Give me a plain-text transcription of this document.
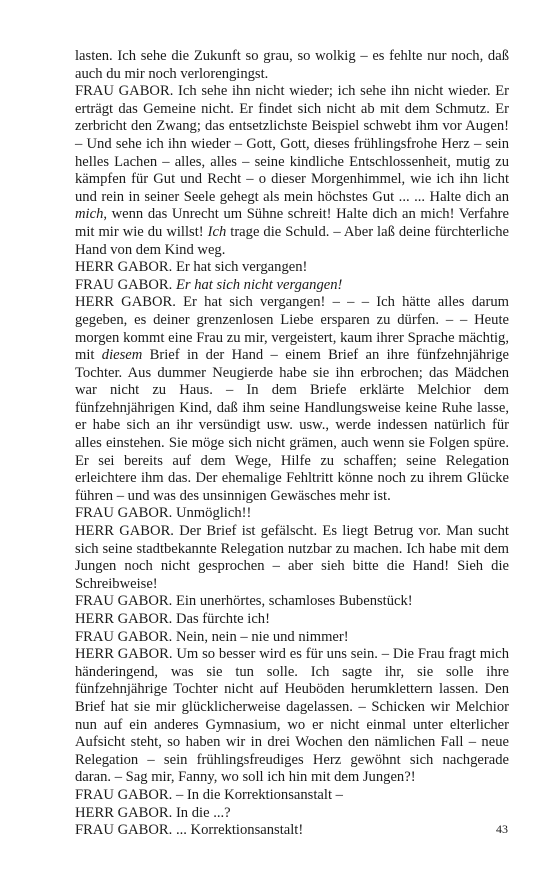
lasten. Ich sehe die Zukunft so grau, so wolkig – es fehlte nur noch, daß auch du mir noch verlorengingst.

FRAU GABOR. Ich sehe ihn nicht wieder; ich sehe ihn nicht wieder. Er erträgt das Gemeine nicht. Er findet sich nicht ab mit dem Schmutz. Er zerbricht den Zwang; das entsetzlichste Beispiel schwebt ihm vor Augen! – Und sehe ich ihn wieder – Gott, Gott, dieses frühlingsfrohe Herz – sein helles Lachen – alles, alles – seine kindliche Entschlossenheit, mutig zu kämpfen für Gut und Recht – o dieser Morgenhimmel, wie ich ihn licht und rein in seiner Seele gehegt als mein höchstes Gut ... ... Halte dich an mich, wenn das Unrecht um Sühne schreit! Halte dich an mich! Verfahre mit mir wie du willst! Ich trage die Schuld. – Aber laß deine fürchterliche Hand von dem Kind weg.

HERR GABOR. Er hat sich vergangen!

FRAU GABOR. Er hat sich nicht vergangen!

HERR GABOR. Er hat sich vergangen! – – – Ich hätte alles darum gegeben, es deiner grenzenlosen Liebe ersparen zu dürfen. – – Heute morgen kommt eine Frau zu mir, vergeistert, kaum ihrer Sprache mächtig, mit diesem Brief in der Hand – einem Brief an ihre fünfzehnjährige Tochter. Aus dummer Neugierde habe sie ihn erbrochen; das Mädchen war nicht zu Haus. – In dem Briefe erklärte Melchior dem fünfzehnjährigen Kind, daß ihm seine Handlungsweise keine Ruhe lasse, er habe sich an ihr versündigt usw. usw., werde indessen natürlich für alles einstehen. Sie möge sich nicht grämen, auch wenn sie Folgen spüre. Er sei bereits auf dem Wege, Hilfe zu schaffen; seine Relegation erleichtere ihm das. Der ehemalige Fehltritt könne noch zu ihrem Glücke führen – und was des unsinnigen Gewäsches mehr ist.

FRAU GABOR. Unmöglich!!

HERR GABOR. Der Brief ist gefälscht. Es liegt Betrug vor. Man sucht sich seine stadtbekannte Relegation nutzbar zu machen. Ich habe mit dem Jungen noch nicht gesprochen – aber sieh bitte die Hand! Sieh die Schreibweise!

FRAU GABOR. Ein unerhörtes, schamloses Bubenstück!

HERR GABOR. Das fürchte ich!

FRAU GABOR. Nein, nein – nie und nimmer!

HERR GABOR. Um so besser wird es für uns sein. – Die Frau fragt mich händeringend, was sie tun solle. Ich sagte ihr, sie solle ihre fünfzehnjährige Tochter nicht auf Heuböden herumklettern lassen. Den Brief hat sie mir glücklicherweise dagelassen. – Schicken wir Melchior nun auf ein anderes Gymnasium, wo er nicht einmal unter elterlicher Aufsicht steht, so haben wir in drei Wochen den nämlichen Fall – neue Relegation – sein frühlingsfreudiges Herz gewöhnt sich nachgerade daran. – Sag mir, Fanny, wo soll ich hin mit dem Jungen?!

FRAU GABOR. – In die Korrektionsanstalt –

HERR GABOR. In die ...?

FRAU GABOR. ... Korrektionsanstalt!	43
